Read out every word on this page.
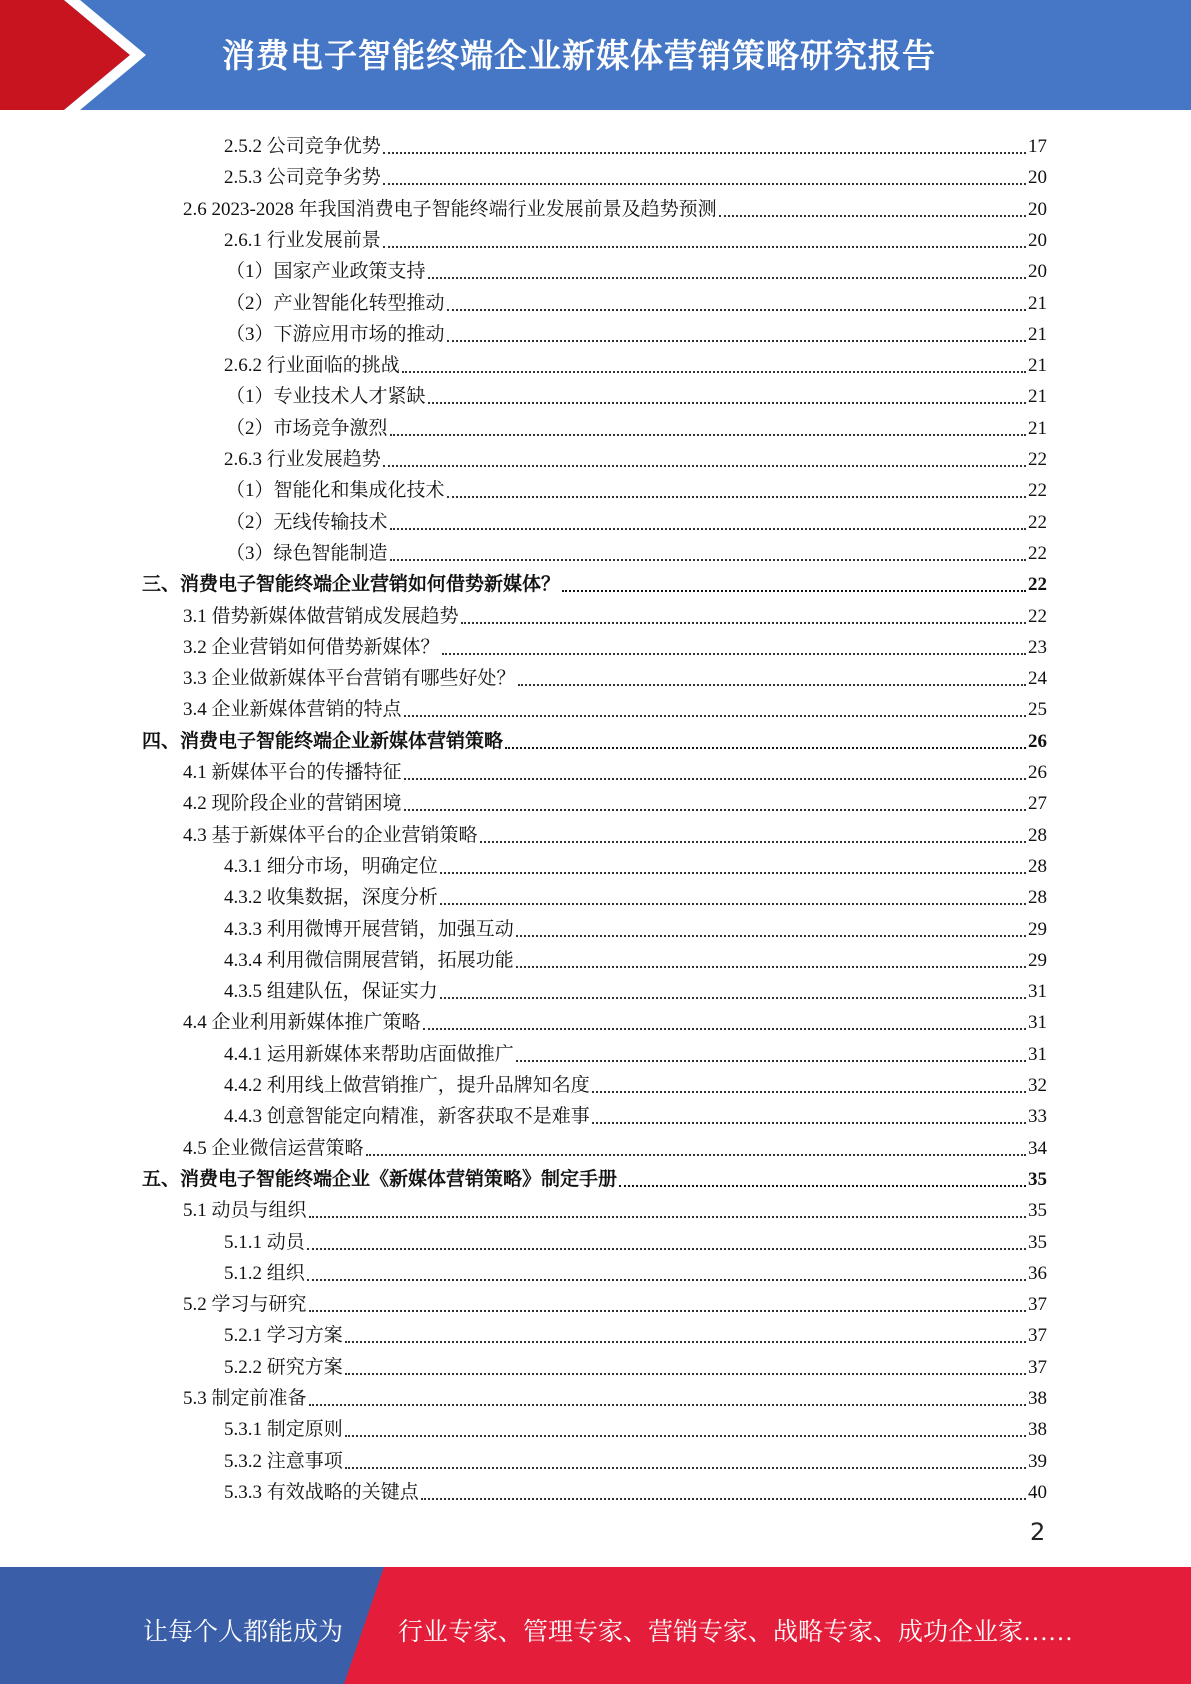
消费电子智能终端企业新媒体营销策略研究报告
2.5.2 公司竞争优势	17
2.5.3 公司竞争劣势	20
2.6 2023-2028 年我国消费电子智能终端行业发展前景及趋势预测	20
2.6.1 行业发展前景	20
（1）国家产业政策支持	20
（2）产业智能化转型推动	21
（3）下游应用市场的推动	21
2.6.2 行业面临的挑战	21
（1）专业技术人才紧缺	21
（2）市场竞争激烈	21
2.6.3 行业发展趋势	22
（1）智能化和集成化技术	22
（2）无线传输技术	22
（3）绿色智能制造	22
三、消费电子智能终端企业营销如何借势新媒体？	22
3.1 借势新媒体做营销成发展趋势	22
3.2 企业营销如何借势新媒体？	23
3.3 企业做新媒体平台营销有哪些好处？	24
3.4 企业新媒体营销的特点	25
四、消费电子智能终端企业新媒体营销策略	26
4.1 新媒体平台的传播特征	26
4.2 现阶段企业的营销困境	27
4.3 基于新媒体平台的企业营销策略	28
4.3.1 细分市场，明确定位	28
4.3.2 收集数据，深度分析	28
4.3.3 利用微博开展营销，加强互动	29
4.3.4 利用微信開展营销，拓展功能	29
4.3.5 组建队伍，保证实力	31
4.4 企业利用新媒体推广策略	31
4.4.1 运用新媒体来帮助店面做推广	31
4.4.2 利用线上做营销推广，提升品牌知名度	32
4.4.3 创意智能定向精准，新客获取不是难事	33
4.5 企业微信运营策略	34
五、消费电子智能终端企业《新媒体营销策略》制定手册	35
5.1 动员与组织	35
5.1.1 动员	35
5.1.2 组织	36
5.2 学习与研究	37
5.2.1 学习方案	37
5.2.2 研究方案	37
5.3 制定前准备	38
5.3.1 制定原则	38
5.3.2 注意事项	39
5.3.3 有效战略的关键点	40
2
让每个人都能成为 行业专家、管理专家、营销专家、战略专家、成功企业家……
